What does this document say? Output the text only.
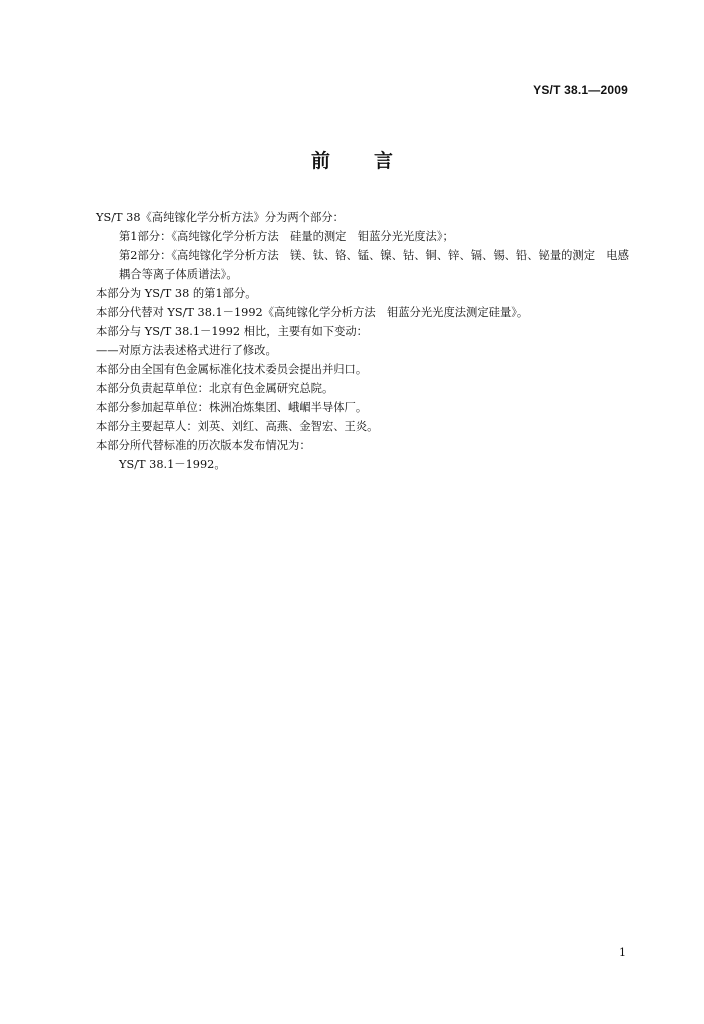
YS/T 38.1—2009
前言
YS/T 38《高纯镓化学分析方法》分为两个部分：
第1部分：《高纯镓化学分析方法　硅量的测定　钼蓝分光光度法》；
第2部分：《高纯镓化学分析方法　镁、钛、铬、锰、镍、钴、铜、锌、镉、锡、铅、铋量的测定　电感耦合等离子体质谱法》。
本部分为 YS/T 38 的第1部分。
本部分代替对 YS/T 38.1－1992《高纯镓化学分析方法　钼蓝分光光度法测定硅量》。
本部分与 YS/T 38.1－1992 相比，主要有如下变动：
——对原方法表述格式进行了修改。
本部分由全国有色金属标准化技术委员会提出并归口。
本部分负责起草单位：北京有色金属研究总院。
本部分参加起草单位：株洲冶炼集团、峨嵋半导体厂。
本部分主要起草人：刘英、刘红、高燕、金智宏、王炎。
本部分所代替标准的历次版本发布情况为：
YS/T 38.1－1992。
1
